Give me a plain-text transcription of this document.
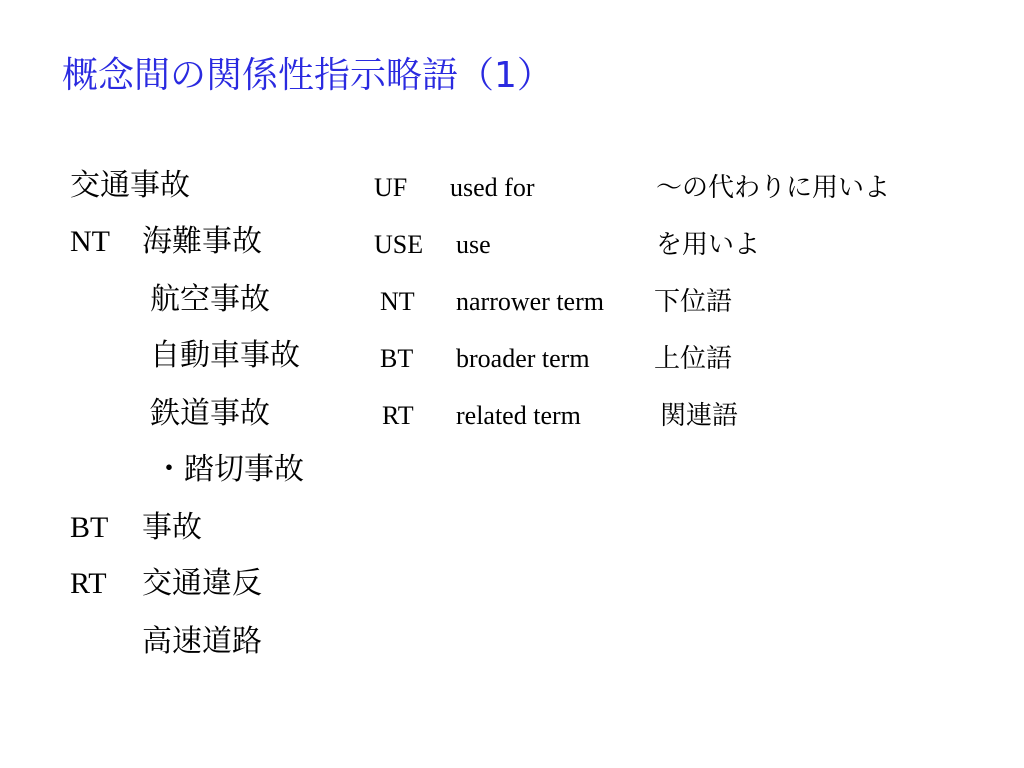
概念間の関係性指示略語（1）
交通事故
NT 海難事故
航空事故
自動車事故
鉄道事故
・踏切事故
BT 事故
RT 交通違反
高速道路
UF used for	～の代わりに用いよ
USE use	を用いよ
NT narrower term 下位語
BT broader term 上位語
RT related term	関連語
